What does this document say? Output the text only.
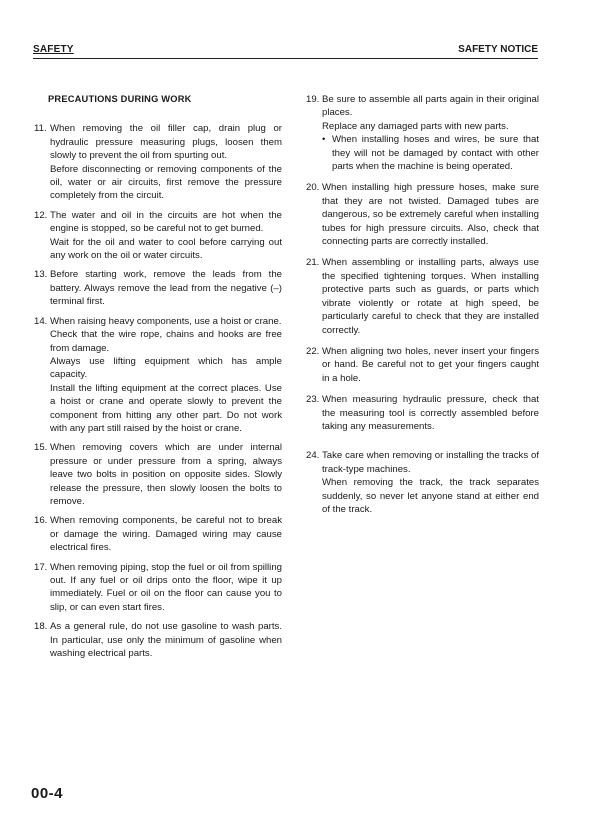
SAFETY	SAFETY NOTICE
PRECAUTIONS DURING WORK
11. When removing the oil filler cap, drain plug or hydraulic pressure measuring plugs, loosen them slowly to prevent the oil from spurting out.

Before disconnecting or removing components of the oil, water or air circuits, first remove the pressure completely from the circuit.

12. The water and oil in the circuits are hot when the engine is stopped, so be careful not to get burned.

Wait for the oil and water to cool before carrying out any work on the oil or water circuits.

13. Before starting work, remove the leads from the battery. Always remove the lead from the negative (–) terminal first.

14. When raising heavy components, use a hoist or crane.

Check that the wire rope, chains and hooks are free from damage.

Always use lifting equipment which has ample capacity.

Install the lifting equipment at the correct places. Use a hoist or crane and operate slowly to prevent the component from hitting any other part. Do not work with any part still raised by the hoist or crane.

15. When removing covers which are under internal pressure or under pressure from a spring, always leave two bolts in position on opposite sides. Slowly release the pressure, then slowly loosen the bolts to remove.

16. When removing components, be careful not to break or damage the wiring. Damaged wiring may cause electrical fires.

17. When removing piping, stop the fuel or oil from spilling out. If any fuel or oil drips onto the floor, wipe it up immediately. Fuel or oil on the floor can cause you to slip, or can even start fires.

18. As a general rule, do not use gasoline to wash parts. In particular, use only the minimum of gasoline when washing electrical parts.

19. Be sure to assemble all parts again in their original places.

Replace any damaged parts with new parts.

• When installing hoses and wires, be sure that they will not be damaged by contact with other parts when the machine is being operated.
20. When installing high pressure hoses, make sure that they are not twisted. Damaged tubes are dangerous, so be extremely careful when installing tubes for high pressure circuits. Also, check that connecting parts are correctly installed.

21. When assembling or installing parts, always use the specified tightening torques. When installing protective parts such as guards, or parts which vibrate violently or rotate at high speed, be particularly careful to check that they are installed correctly.

22. When aligning two holes, never insert your fingers or hand. Be careful not to get your fingers caught in a hole.

23. When measuring hydraulic pressure, check that the measuring tool is correctly assembled before taking any measurements.

24. Take care when removing or installing the tracks of track-type machines.

When removing the track, the track separates suddenly, so never let anyone stand at either end of the track.

00-4
